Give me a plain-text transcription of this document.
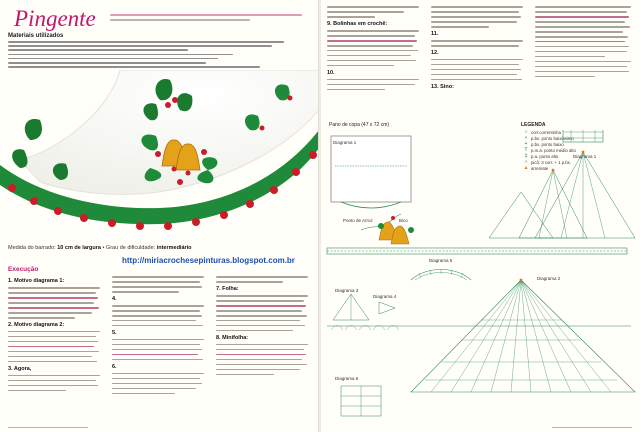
Pingente
Materiais utilizados
Medida do barrado: 10 cm de largura • Grau de dificuldade: intermediário
http://miriacrochesepinturas.blogspot.com.br
Execução
1. Motivo diagrama 1:
2. Motivo diagrama 2:
3. Agora,
4.
5.
6.
7. Folha:
8. Minifolha:
9. Bolinhas em crochê:
10.
11.
12.
13. Sino:
Pano de copa (47 x 72 cm)	LEGENDA
○ corr.correntinha
• p.bx. ponto baixíssimo
+ p.bx. ponto baixo
T p.m.a. ponto médio alto
‡ p.a. ponto alto
∩ picô: 3 corr. + 1 p.bx.
▲ arremate
Diagrama 1
Ponto de Arroz	Bico
Diagrama 1
Diagrama 2
Diagrama 3
Diagrama 4
Diagrama 5
Diagrama 6
